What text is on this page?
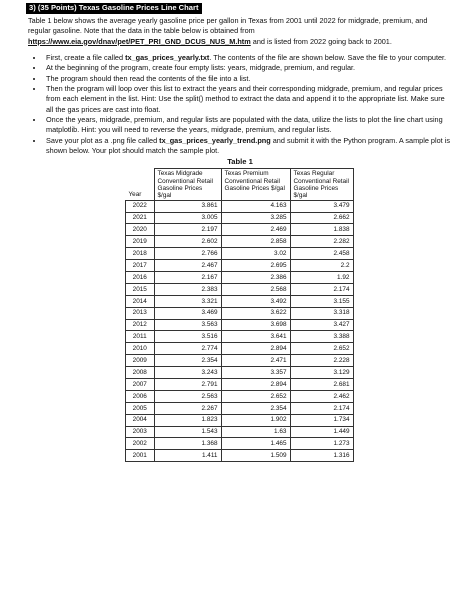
3) (35 Points) Texas Gasoline Prices Line Chart

Table 1 below shows the average yearly gasoline price per gallon in Texas from 2001 until 2022 for midgrade, premium, and regular gasoline. Note that the data in the table below is obtained from https://www.eia.gov/dnav/pet/PET_PRI_GND_DCUS_NUS_M.htm and is listed from 2022 going back to 2001.

• First, create a file called tx_gas_prices_yearly.txt. The contents of the file are shown below. Save the file to your computer.
• At the beginning of the program, create four empty lists: years, midgrade, premium, and regular.
• The program should then read the contents of the file into a list.
• Then the program will loop over this list to extract the years and their corresponding midgrade, premium, and regular prices from each element in the list. Hint: Use the split() method to extract the data and append it to the appropriate list. Make sure all the gas prices are cast into float.
• Once the years, midgrade, premium, and regular lists are populated with the data, utilize the lists to plot the line chart using matplotlib. Hint: you will need to reverse the years, midgrade, premium, and regular lists.
• Save your plot as a .png file called tx_gas_prices_yearly_trend.png and submit it with the Python program. A sample plot is shown below. Your plot should match the sample plot.
Table 1
Year	Texas Midgrade Conventional Retail Gasoline Prices $/gal	Texas Premium Conventional Retail Gasoline Prices $/gal	Texas Regular Conventional Retail Gasoline Prices $/gal
2022	3.861	4.163	3.479
2021	3.005	3.285	2.662
2020	2.197	2.469	1.838
2019	2.602	2.858	2.282
2018	2.766	3.02	2.458
2017	2.467	2.695	2.2
2016	2.167	2.386	1.92
2015	2.383	2.568	2.174
2014	3.321	3.492	3.155
2013	3.469	3.622	3.318
2012	3.563	3.698	3.427
2011	3.516	3.641	3.388
2010	2.774	2.894	2.652
2009	2.354	2.471	2.228
2008	3.243	3.357	3.129
2007	2.791	2.894	2.681
2006	2.563	2.652	2.462
2005	2.267	2.354	2.174
2004	1.823	1.902	1.734
2003	1.543	1.63	1.449
2002	1.368	1.465	1.273
2001	1.411	1.509	1.316
